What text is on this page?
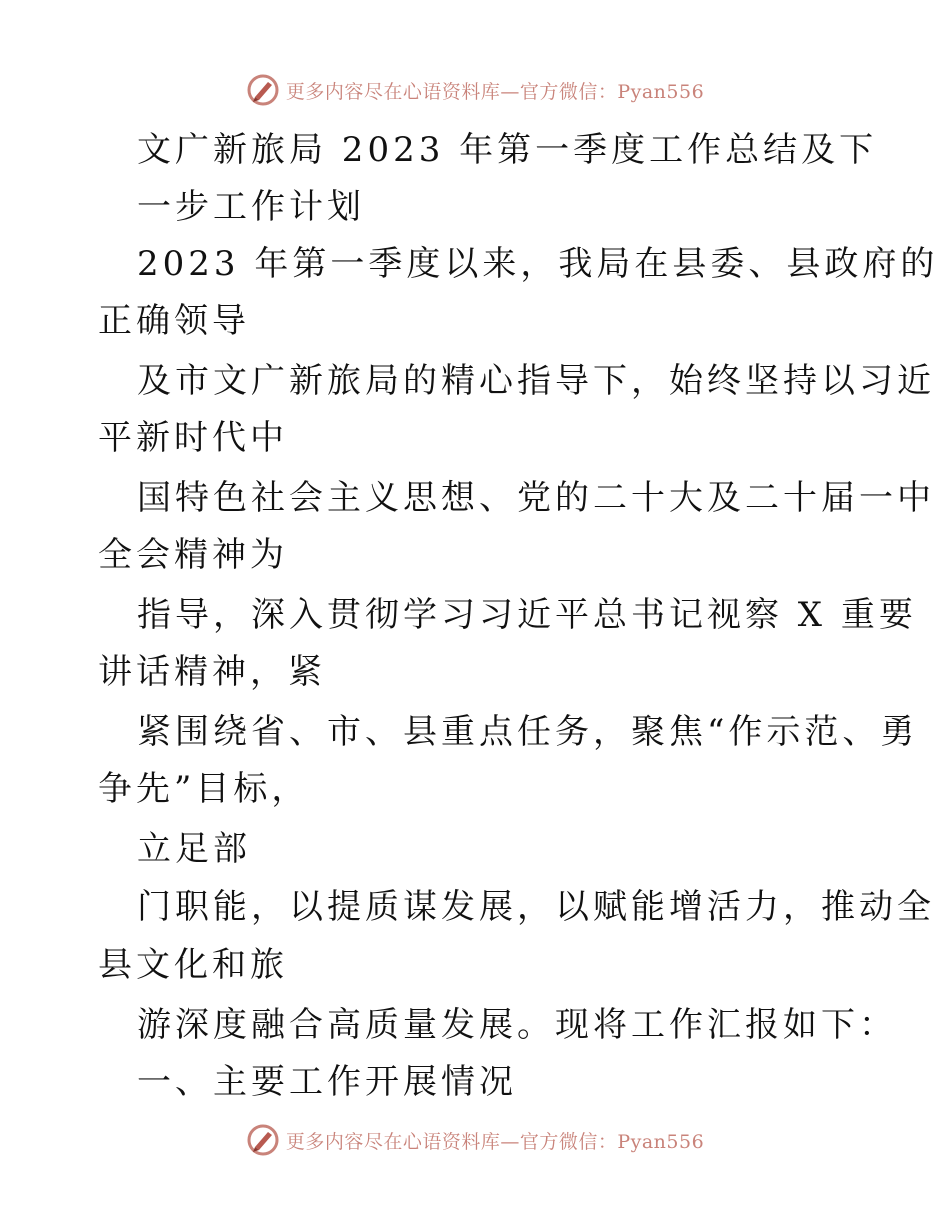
更多内容尽在心语资料库—官方微信：Pyan556
文广新旅局 2023 年第一季度工作总结及下
一步工作计划
2023 年第一季度以来，我局在县委、县政府的
正确领导
及市文广新旅局的精心指导下，始终坚持以习近
平新时代中
国特色社会主义思想、党的二十大及二十届一中
全会精神为
指导，深入贯彻学习习近平总书记视察 X 重要
讲话精神，紧
紧围绕省、市、县重点任务，聚焦“作示范、勇
争先”目标，
立足部
门职能，以提质谋发展，以赋能增活力，推动全
县文化和旅
游深度融合高质量发展。现将工作汇报如下：
一、主要工作开展情况
更多内容尽在心语资料库—官方微信：Pyan556
